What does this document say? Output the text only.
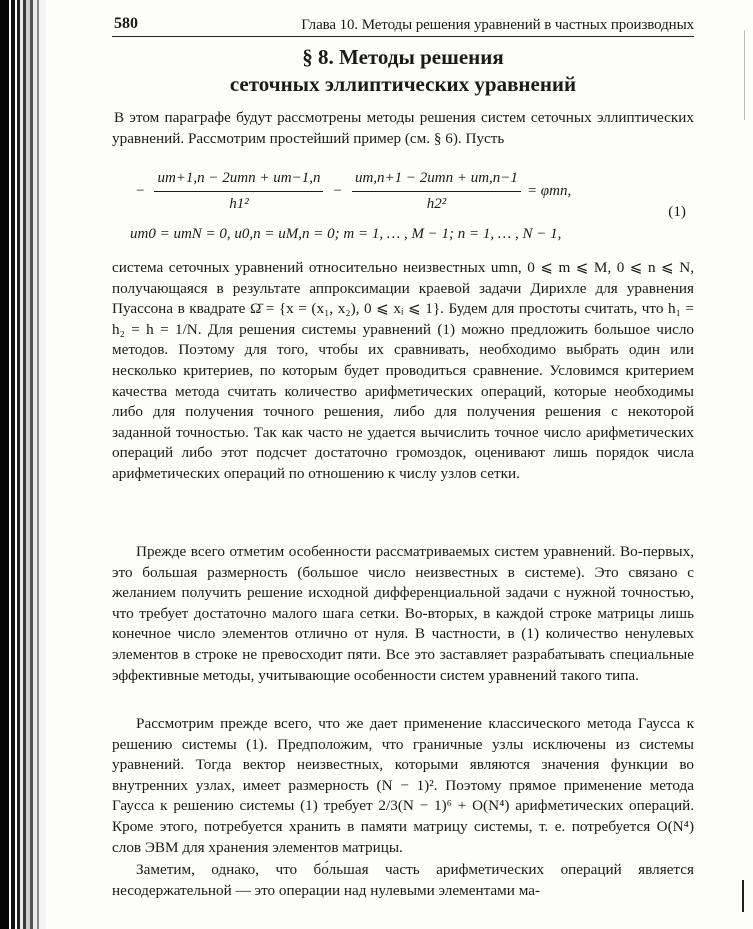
580	Глава 10. Методы решения уравнений в частных производных
§ 8. Методы решения
сеточных эллиптических уравнений

В этом параграфе будут рассмотрены методы решения систем сеточных эллиптических уравнений. Рассмотрим простейший пример (см. § 6). Пусть

− $\frac{\text{um+1,n − 2umn + um−1,n}}{\text{h1²}} - \frac{\text{um,n+1 − 2umn + um,n−1}}{\text{h2²}} = \varphi mn$,
um0 = umN = 0, u0,n = uM,n = 0; m = 1, … , M − 1; n = 1, … , N − 1,
(1)

система сеточных уравнений относительно неизвестных umn, 0 ⩽ m ⩽ M, 0 ⩽ n ⩽ N, получающаяся в результате аппроксимации краевой задачи Дирихле для уравнения Пуассона в квадрате Ω̄ = {x = (x₁, x₂), 0 ⩽ xᵢ ⩽ 1}. Будем для простоты считать, что h₁ = h₂ = h = 1/N. Для решения системы уравнений (1) можно предложить большое число методов. Поэтому для того, чтобы их сравнивать, необходимо выбрать один или несколько критериев, по которым будет проводиться сравнение. Условимся критерием качества метода считать количество арифметических операций, которые необходимы либо для получения точного решения, либо для получения решения с некоторой заданной точностью. Так как часто не удается вычислить точное число арифметических операций либо этот подсчет достаточно громоздок, оценивают лишь порядок числа арифметических операций по отношению к числу узлов сетки.

Прежде всего отметим особенности рассматриваемых систем уравнений. Во-первых, это большая размерность (большое число неизвестных в системе). Это связано с желанием получить решение исходной дифференциальной задачи с нужной точностью, что требует достаточно малого шага сетки. Во-вторых, в каждой строке матрицы лишь конечное число элементов отлично от нуля. В частности, в (1) количество ненулевых элементов в строке не превосходит пяти. Все это заставляет разрабатывать специальные эффективные методы, учитывающие особенности систем уравнений такого типа.

Рассмотрим прежде всего, что же дает применение классического метода Гаусса к решению системы (1). Предположим, что граничные узлы исключены из системы уравнений. Тогда вектор неизвестных, которыми являются значения функции во внутренних узлах, имеет размерность (N − 1)². Поэтому прямое применение метода Гаусса к решению системы (1) требует 2/3(N − 1)⁶ + O(N⁴) арифметических операций. Кроме этого, потребуется хранить в памяти матрицу системы, т. е. потребуется O(N⁴) слов ЭВМ для хранения элементов матрицы.

Заметим, однако, что бо́льшая часть арифметических операций является несодержательной — это операции над нулевыми элементами ма-
